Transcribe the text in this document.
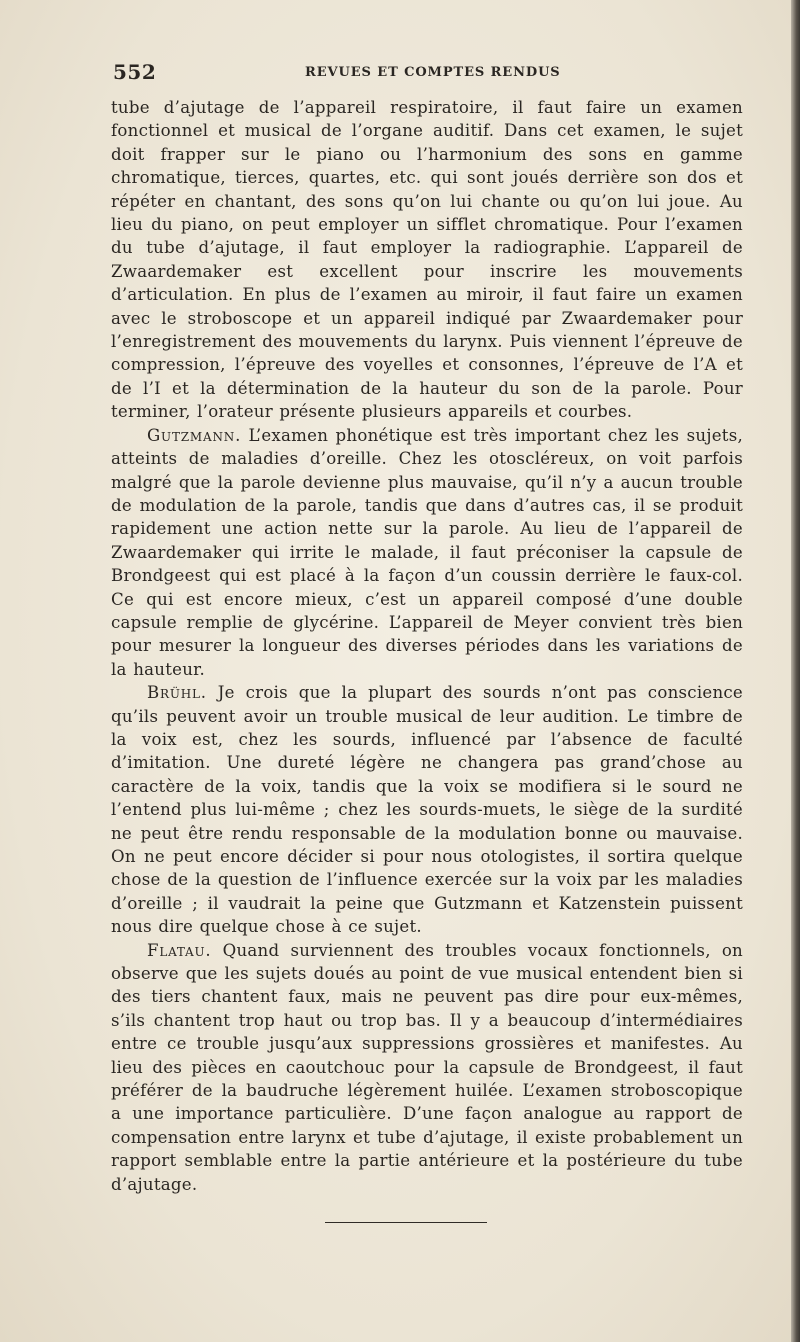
552	REVUES ET COMPTES RENDUS

tube d’ajutage de l’appareil respiratoire, il faut faire un examen fonctionnel et musical de l’organe auditif. Dans cet examen, le sujet doit frapper sur le piano ou l’harmonium des sons en gamme chromatique, tierces, quartes, etc. qui sont joués derrière son dos et répéter en chantant, des sons qu’on lui chante ou qu’on lui joue. Au lieu du piano, on peut employer un sifflet chromatique. Pour l’examen du tube d’ajutage, il faut employer la radiographie. L’appareil de Zwaardemaker est excellent pour inscrire les mouvements d’articulation. En plus de l’examen au miroir, il faut faire un examen avec le stroboscope et un appareil indiqué par Zwaardemaker pour l’enregistrement des mouvements du larynx. Puis viennent l’épreuve de compression, l’épreuve des voyelles et consonnes, l’épreuve de l’A et de l’I et la détermination de la hauteur du son de la parole. Pour terminer, l’orateur présente plusieurs appareils et courbes.

Gutzmann. L’examen phonétique est très important chez les sujets, atteints de maladies d’oreille. Chez les otoscléreux, on voit parfois malgré que la parole devienne plus mauvaise, qu’il n’y a aucun trouble de modulation de la parole, tandis que dans d’autres cas, il se produit rapidement une action nette sur la parole. Au lieu de l’appareil de Zwaardemaker qui irrite le malade, il faut préconiser la capsule de Brondgeest qui est placé à la façon d’un coussin derrière le faux-col. Ce qui est encore mieux, c’est un appareil composé d’une double capsule remplie de glycérine. L’appareil de Meyer convient très bien pour mesurer la longueur des diverses périodes dans les variations de la hauteur.

Brühl. Je crois que la plupart des sourds n’ont pas conscience qu’ils peuvent avoir un trouble musical de leur audition. Le timbre de la voix est, chez les sourds, influencé par l’absence de faculté d’imitation. Une dureté légère ne changera pas grand’chose au caractère de la voix, tandis que la voix se modifiera si le sourd ne l’entend plus lui-même ; chez les sourds-muets, le siège de la surdité ne peut être rendu responsable de la modulation bonne ou mauvaise. On ne peut encore décider si pour nous otologistes, il sortira quelque chose de la question de l’influence exercée sur la voix par les maladies d’oreille ; il vaudrait la peine que Gutzmann et Katzenstein puissent nous dire quelque chose à ce sujet.

Flatau. Quand surviennent des troubles vocaux fonctionnels, on observe que les sujets doués au point de vue musical entendent bien si des tiers chantent faux, mais ne peuvent pas dire pour eux-mêmes, s’ils chantent trop haut ou trop bas. Il y a beaucoup d’intermédiaires entre ce trouble jusqu’aux suppressions grossières et manifestes. Au lieu des pièces en caoutchouc pour la capsule de Brondgeest, il faut préférer de la baudruche légèrement huilée. L’examen stroboscopique a une importance particulière. D’une façon analogue au rapport de compensation entre larynx et tube d’ajutage, il existe probablement un rapport semblable entre la partie antérieure et la postérieure du tube d’ajutage.
